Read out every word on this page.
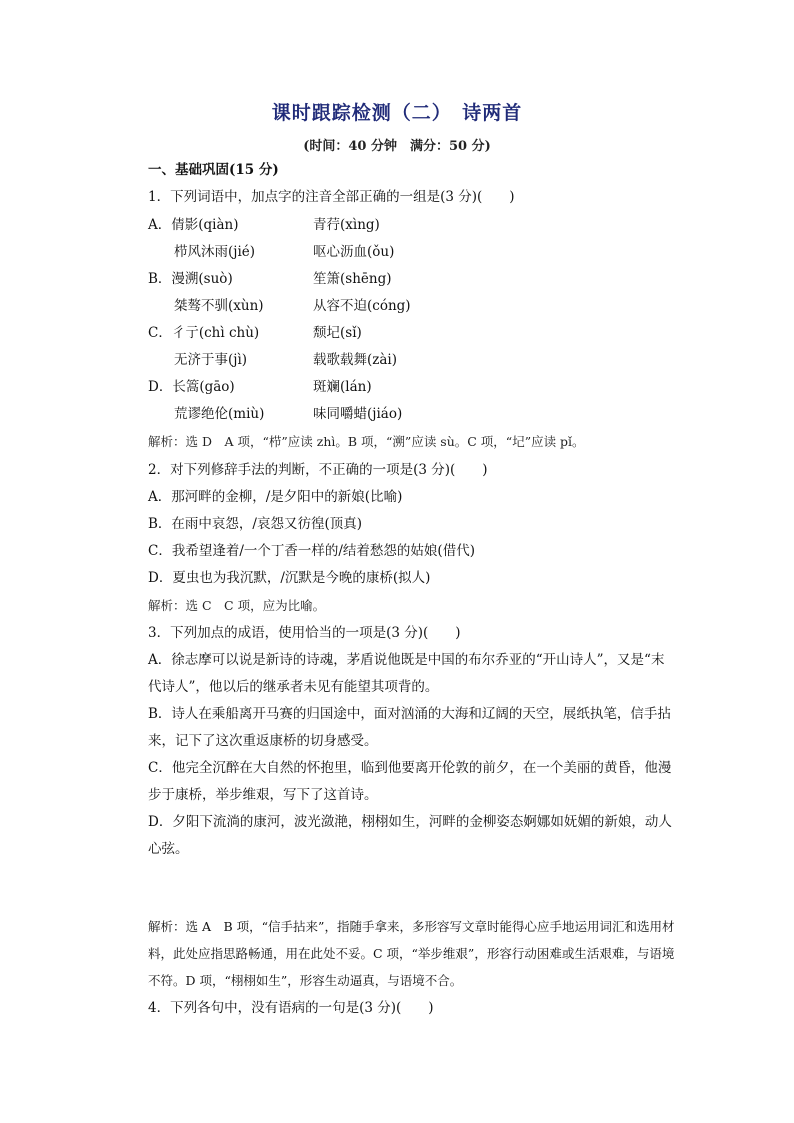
课时跟踪检测（二）　诗两首
(时间：40 分钟　满分：50 分)
一、基础巩固(15 分)
1．下列词语中，加点字的注音全部正确的一组是(3 分)(　　)
A．倩影(qiàn)	青荇(xìng)
栉风沐雨(jié)	呕心沥血(ǒu)
B．漫溯(suò)	笙箫(shēng)
桀骜不驯(xùn)	从容不迫(cóng)
C．彳亍(chì chù)	颓圮(sǐ)
无济于事(jì)	载歌载舞(zài)
D．长篙(gāo)	斑斓(lán)
荒谬绝伦(miù)	味同嚼蜡(jiáo)
解析：选 D　A 项，“栉”应读 zhì。B 项，“溯”应读 sù。C 项，“圮”应读 pǐ。
2．对下列修辞手法的判断，不正确的一项是(3 分)(　　)
A．那河畔的金柳，/是夕阳中的新娘(比喻)
B．在雨中哀怨，/哀怨又彷徨(顶真)
C．我希望逢着/一个丁香一样的/结着愁怨的姑娘(借代)
D．夏虫也为我沉默，/沉默是今晚的康桥(拟人)
解析：选 C　C 项，应为比喻。
3．下列加点的成语，使用恰当的一项是(3 分)(　　)
A．徐志摩可以说是新诗的诗魂，茅盾说他既是中国的布尔乔亚的“开山诗人”，又是“末代诗人”，他以后的继承者未见有能望其项背的。
B．诗人在乘船离开马赛的归国途中，面对汹涌的大海和辽阔的天空，展纸执笔，信手拈来，记下了这次重返康桥的切身感受。
C．他完全沉醉在大自然的怀抱里，临到他要离开伦敦的前夕，在一个美丽的黄昏，他漫步于康桥，举步维艰，写下了这首诗。
D．夕阳下流淌的康河，波光潋滟，栩栩如生，河畔的金柳姿态婀娜如妩媚的新娘，动人心弦。
解析：选 A　B 项，“信手拈来”，指随手拿来，多形容写文章时能得心应手地运用词汇和选用材料，此处应指思路畅通，用在此处不妥。C 项，“举步维艰”，形容行动困难或生活艰难，与语境不符。D 项，“栩栩如生”，形容生动逼真，与语境不合。
4．下列各句中，没有语病的一句是(3 分)(　　)
